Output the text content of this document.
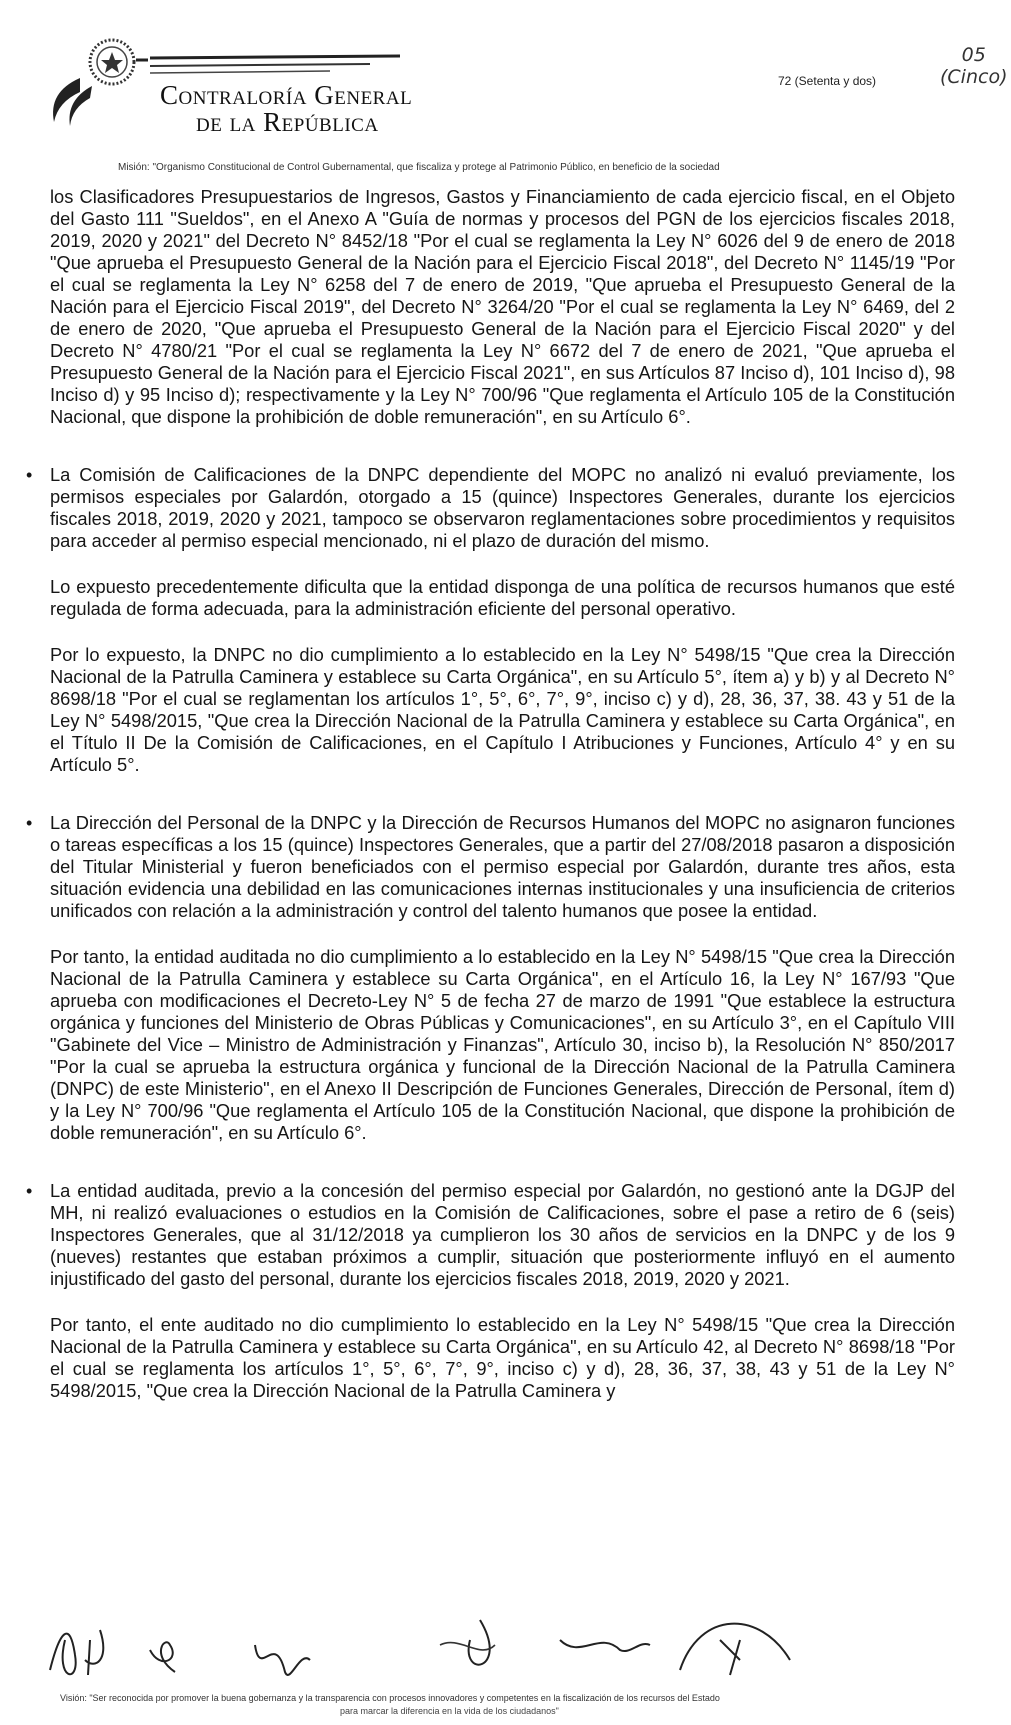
Contraloría General
de la República
72 (Setenta y dos)
05
(Cinco)
Misión: "Organismo Constitucional de Control Gubernamental, que fiscaliza y protege al Patrimonio Público, en beneficio de la sociedad

los Clasificadores Presupuestarios de Ingresos, Gastos y Financiamiento de cada ejercicio fiscal, en el Objeto del Gasto 111 "Sueldos", en el Anexo A "Guía de normas y procesos del PGN de los ejercicios fiscales 2018, 2019, 2020 y 2021" del Decreto N° 8452/18 "Por el cual se reglamenta la Ley N° 6026 del 9 de enero de 2018 "Que aprueba el Presupuesto General de la Nación para el Ejercicio Fiscal 2018", del Decreto N° 1145/19 "Por el cual se reglamenta la Ley N° 6258 del 7 de enero de 2019, "Que aprueba el Presupuesto General de la Nación para el Ejercicio Fiscal 2019", del Decreto N° 3264/20 "Por el cual se reglamenta la Ley N° 6469, del 2 de enero de 2020, "Que aprueba el Presupuesto General de la Nación para el Ejercicio Fiscal 2020" y del Decreto N° 4780/21 "Por el cual se reglamenta la Ley N° 6672 del 7 de enero de 2021, "Que aprueba el Presupuesto General de la Nación para el Ejercicio Fiscal 2021", en sus Artículos 87 Inciso d), 101 Inciso d), 98 Inciso d) y 95 Inciso d); respectivamente y la Ley N° 700/96 "Que reglamenta el Artículo 105 de la Constitución Nacional, que dispone la prohibición de doble remuneración", en su Artículo 6°.

• La Comisión de Calificaciones de la DNPC dependiente del MOPC no analizó ni evaluó previamente, los permisos especiales por Galardón, otorgado a 15 (quince) Inspectores Generales, durante los ejercicios fiscales 2018, 2019, 2020 y 2021, tampoco se observaron reglamentaciones sobre procedimientos y requisitos para acceder al permiso especial mencionado, ni el plazo de duración del mismo.

Lo expuesto precedentemente dificulta que la entidad disponga de una política de recursos humanos que esté regulada de forma adecuada, para la administración eficiente del personal operativo.

Por lo expuesto, la DNPC no dio cumplimiento a lo establecido en la Ley N° 5498/15 "Que crea la Dirección Nacional de la Patrulla Caminera y establece su Carta Orgánica", en su Artículo 5°, ítem a) y b) y al Decreto N° 8698/18 "Por el cual se reglamentan los artículos 1°, 5°, 6°, 7°, 9°, inciso c) y d), 28, 36, 37, 38. 43 y 51 de la Ley N° 5498/2015, "Que crea la Dirección Nacional de la Patrulla Caminera y establece su Carta Orgánica", en el Título II De la Comisión de Calificaciones, en el Capítulo I Atribuciones y Funciones, Artículo 4° y en su Artículo 5°.

• La Dirección del Personal de la DNPC y la Dirección de Recursos Humanos del MOPC no asignaron funciones o tareas específicas a los 15 (quince) Inspectores Generales, que a partir del 27/08/2018 pasaron a disposición del Titular Ministerial y fueron beneficiados con el permiso especial por Galardón, durante tres años, esta situación evidencia una debilidad en las comunicaciones internas institucionales y una insuficiencia de criterios unificados con relación a la administración y control del talento humanos que posee la entidad.

Por tanto, la entidad auditada no dio cumplimiento a lo establecido en la Ley N° 5498/15 "Que crea la Dirección Nacional de la Patrulla Caminera y establece su Carta Orgánica", en el Artículo 16, la Ley N° 167/93 "Que aprueba con modificaciones el Decreto-Ley N° 5 de fecha 27 de marzo de 1991 "Que establece la estructura orgánica y funciones del Ministerio de Obras Públicas y Comunicaciones", en su Artículo 3°, en el Capítulo VIII "Gabinete del Vice – Ministro de Administración y Finanzas", Artículo 30, inciso b), la Resolución N° 850/2017 "Por la cual se aprueba la estructura orgánica y funcional de la Dirección Nacional de la Patrulla Caminera (DNPC) de este Ministerio", en el Anexo II Descripción de Funciones Generales, Dirección de Personal, ítem d) y la Ley N° 700/96 "Que reglamenta el Artículo 105 de la Constitución Nacional, que dispone la prohibición de doble remuneración", en su Artículo 6°.

• La entidad auditada, previo a la concesión del permiso especial por Galardón, no gestionó ante la DGJP del MH, ni realizó evaluaciones o estudios en la Comisión de Calificaciones, sobre el pase a retiro de 6 (seis) Inspectores Generales, que al 31/12/2018 ya cumplieron los 30 años de servicios en la DNPC y de los 9 (nueves) restantes que estaban próximos a cumplir, situación que posteriormente influyó en el aumento injustificado del gasto del personal, durante los ejercicios fiscales 2018, 2019, 2020 y 2021.

Por tanto, el ente auditado no dio cumplimiento lo establecido en la Ley N° 5498/15 "Que crea la Dirección Nacional de la Patrulla Caminera y establece su Carta Orgánica", en su Artículo 42, al Decreto N° 8698/18 "Por el cual se reglamenta los artículos 1°, 5°, 6°, 7°, 9°, inciso c) y d), 28, 36, 37, 38, 43 y 51 de la Ley N° 5498/2015, "Que crea la Dirección Nacional de la Patrulla Caminera y

Visión: "Ser reconocida por promover la buena gobernanza y la transparencia con procesos innovadores y competentes en la fiscalización de los recursos del Estado
para marcar la diferencia en la vida de los ciudadanos"
